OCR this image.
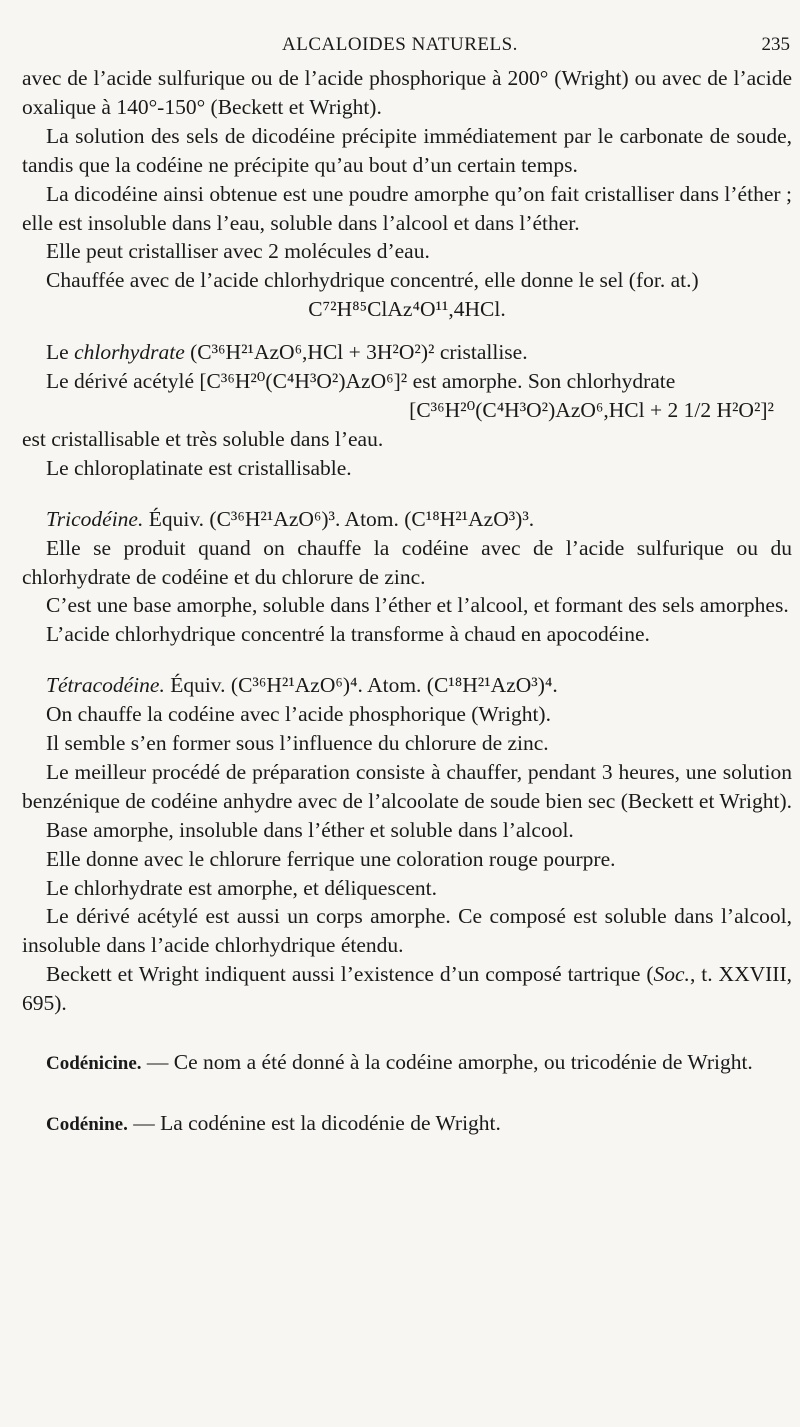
ALCALOIDES NATURELS.	235

avec de l’acide sulfurique ou de l’acide phosphorique à 200° (Wright) ou avec de l’acide oxalique à 140°-150° (Beckett et Wright).

La solution des sels de dicodéine précipite immédiatement par le carbonate de soude, tandis que la codéine ne précipite qu’au bout d’un certain temps.

La dicodéine ainsi obtenue est une poudre amorphe qu’on fait cristalliser dans l’éther ; elle est insoluble dans l’eau, soluble dans l’alcool et dans l’éther.

Elle peut cristalliser avec 2 molécules d’eau.

Chauffée avec de l’acide chlorhydrique concentré, elle donne le sel (for. at.)

C⁷²H⁸⁵ClAz⁴O¹¹,4HCl.

Le chlorhydrate (C³⁶H²¹AzO⁶,HCl + 3H²O²)² cristallise.

Le dérivé acétylé [C³⁶H²⁰(C⁴H³O²)AzO⁶]² est amorphe. Son chlorhydrate

[C³⁶H²⁰(C⁴H³O²)AzO⁶,HCl + 2 1/2 H²O²]²

est cristallisable et très soluble dans l’eau.

Le chloroplatinate est cristallisable.

Tricodéine. Équiv. (C³⁶H²¹AzO⁶)³. Atom. (C¹⁸H²¹AzO³)³.

Elle se produit quand on chauffe la codéine avec de l’acide sulfurique ou du chlorhydrate de codéine et du chlorure de zinc.

C’est une base amorphe, soluble dans l’éther et l’alcool, et formant des sels amorphes.

L’acide chlorhydrique concentré la transforme à chaud en apocodéine.

Tétracodéine. Équiv. (C³⁶H²¹AzO⁶)⁴. Atom. (C¹⁸H²¹AzO³)⁴.

On chauffe la codéine avec l’acide phosphorique (Wright).

Il semble s’en former sous l’influence du chlorure de zinc.

Le meilleur procédé de préparation consiste à chauffer, pendant 3 heures, une solution benzénique de codéine anhydre avec de l’alcoolate de soude bien sec (Beckett et Wright).

Base amorphe, insoluble dans l’éther et soluble dans l’alcool.

Elle donne avec le chlorure ferrique une coloration rouge pourpre.

Le chlorhydrate est amorphe, et déliquescent.

Le dérivé acétylé est aussi un corps amorphe. Ce composé est soluble dans l’alcool, insoluble dans l’acide chlorhydrique étendu.

Beckett et Wright indiquent aussi l’existence d’un composé tartrique (Soc., t. XXVIII, 695).

Codénicine. — Ce nom a été donné à la codéine amorphe, ou tricodénie de Wright.

Codénine. — La codénine est la dicodénie de Wright.
